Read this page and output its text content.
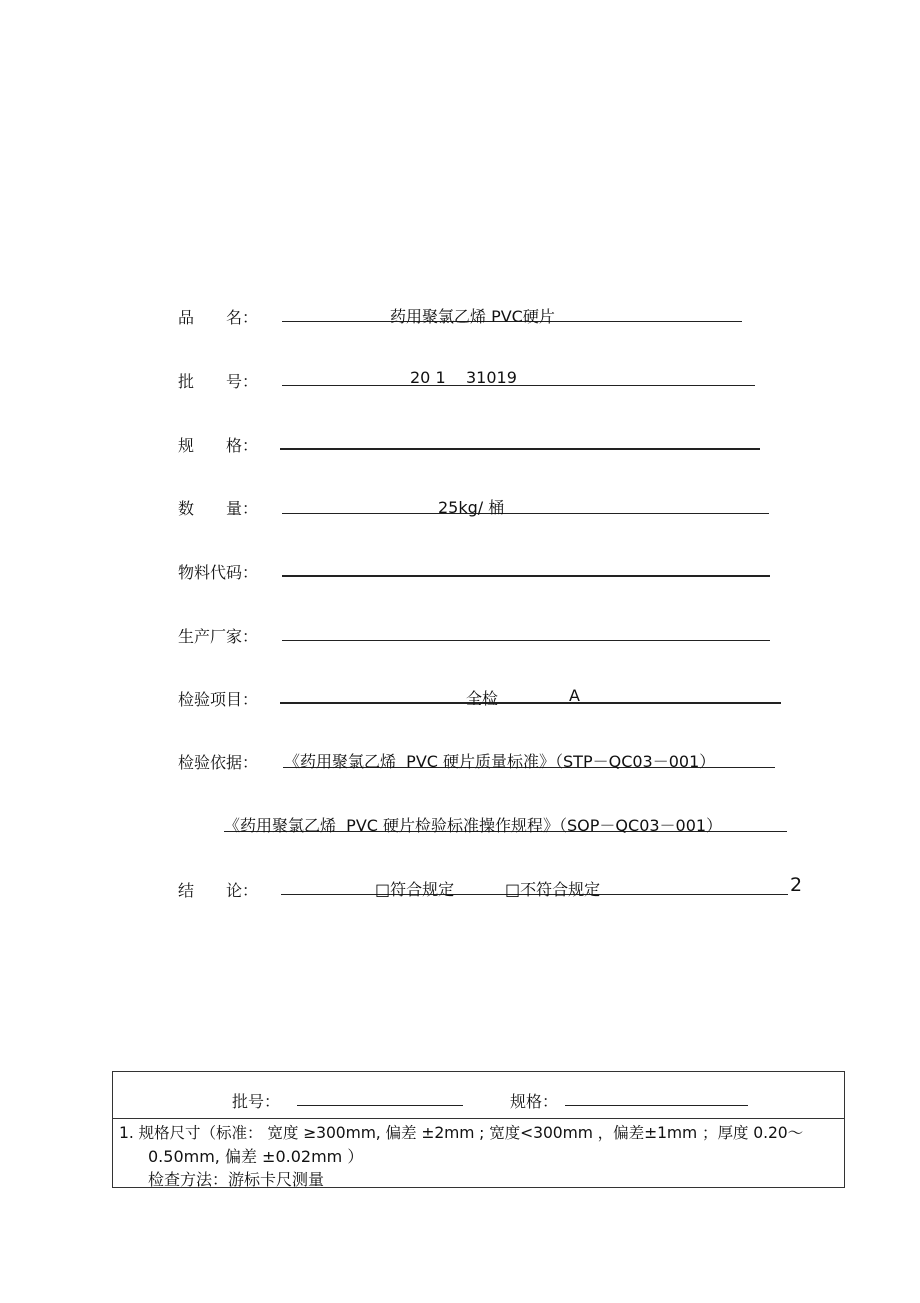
品　　名：	药用聚氯乙烯 PVC硬片
批　　号：	20 1    31019
规　　格：
数　　量：	25kg/ 桶
物料代码：
生产厂家：
检验项目：	全检	A
检验依据： 《药用聚氯乙烯  PVC 硬片质量标准》（STP－QC03－001）
《药用聚氯乙烯  PVC 硬片检验标准操作规程》（SOP－QC03－001）
结　　论：	□符合规定	□不符合规定	2
批号：	规格：
1. 规格尺寸（标准： 宽度 ≥300mm, 偏差 ±2mm ; 宽度<300mm ，偏差±1mm ；厚度 0.20～
0.50mm, 偏差 ±0.02mm ）
检查方法：游标卡尺测量
